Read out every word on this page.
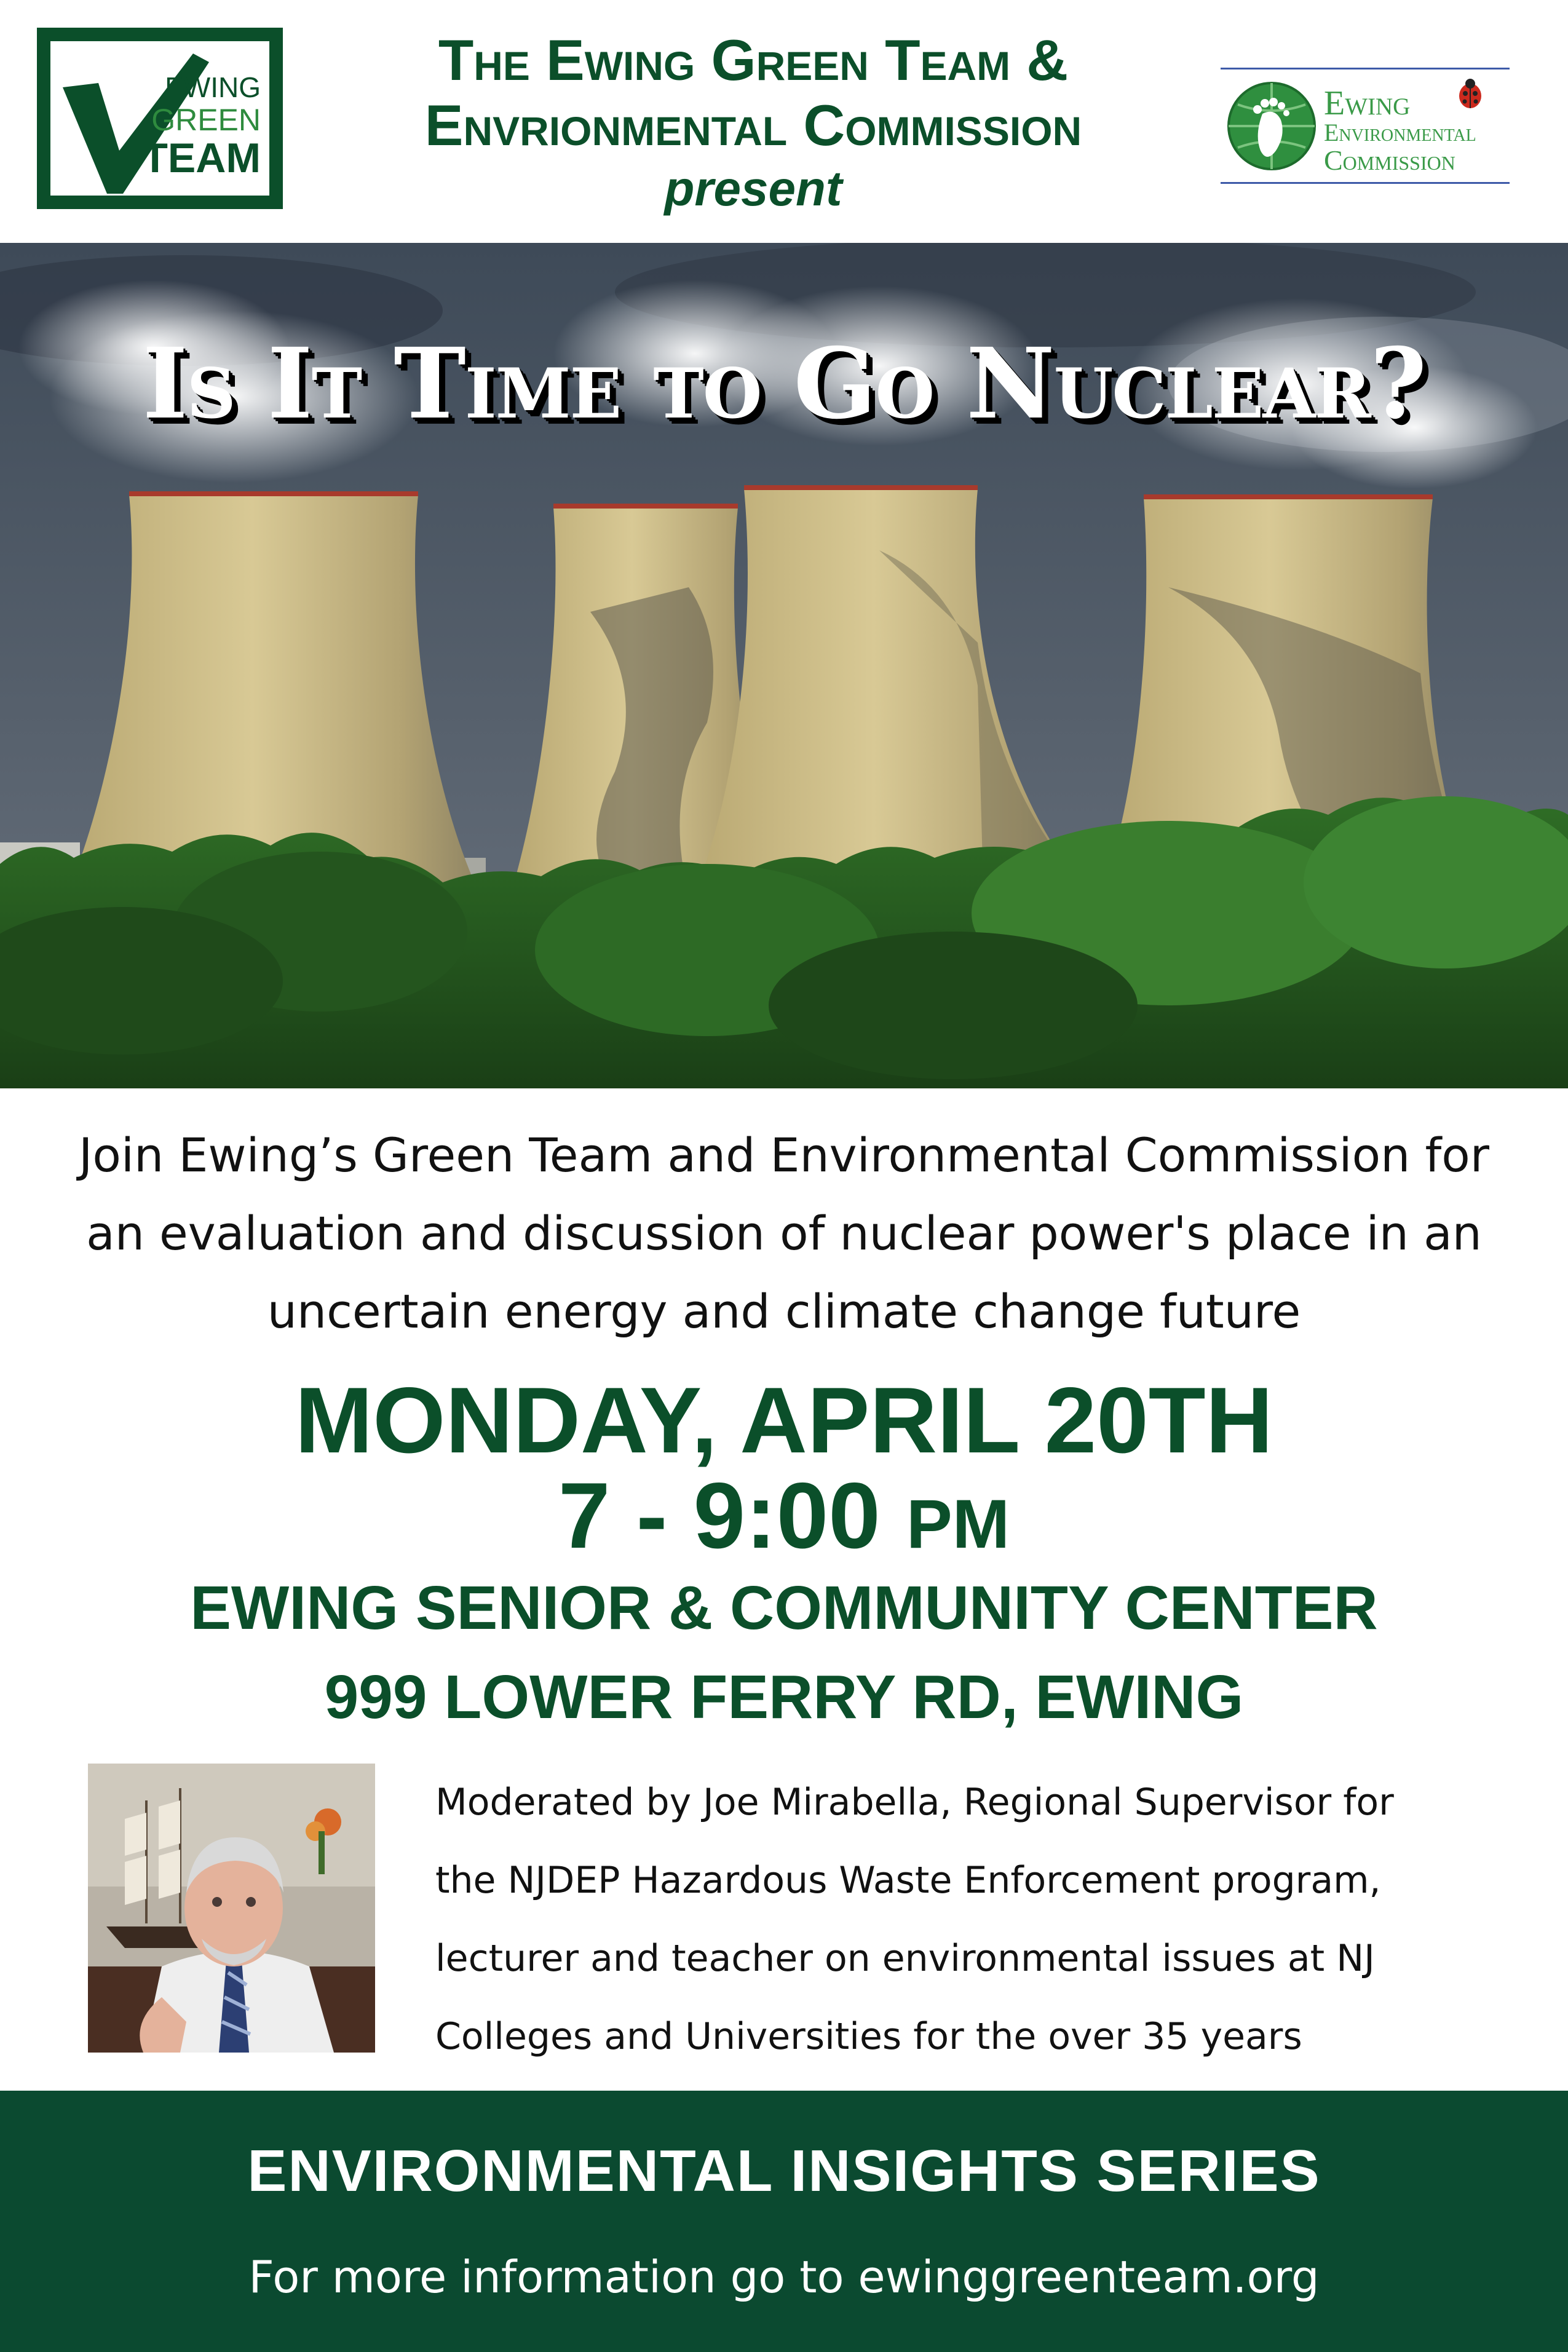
EWING
GREEN
TEAM
The Ewing Green Team &
Envrionmental Commission
present
Ewing
Environmental
Commission
Is It Time to Go Nuclear?
Join Ewing’s Green Team and Environmental Commission for
an evaluation and discussion of nuclear power's place in an
uncertain energy and climate change future
MONDAY, APRIL 20TH
7 - 9:00 PM
EWING SENIOR & COMMUNITY CENTER
999 LOWER FERRY RD, EWING
Moderated by Joe Mirabella, Regional Supervisor for
the NJDEP Hazardous Waste Enforcement program,
lecturer and teacher on environmental issues at NJ
Colleges and Universities for the over 35 years
ENVIRONMENTAL INSIGHTS SERIES
For more information go to ewinggreenteam.org
